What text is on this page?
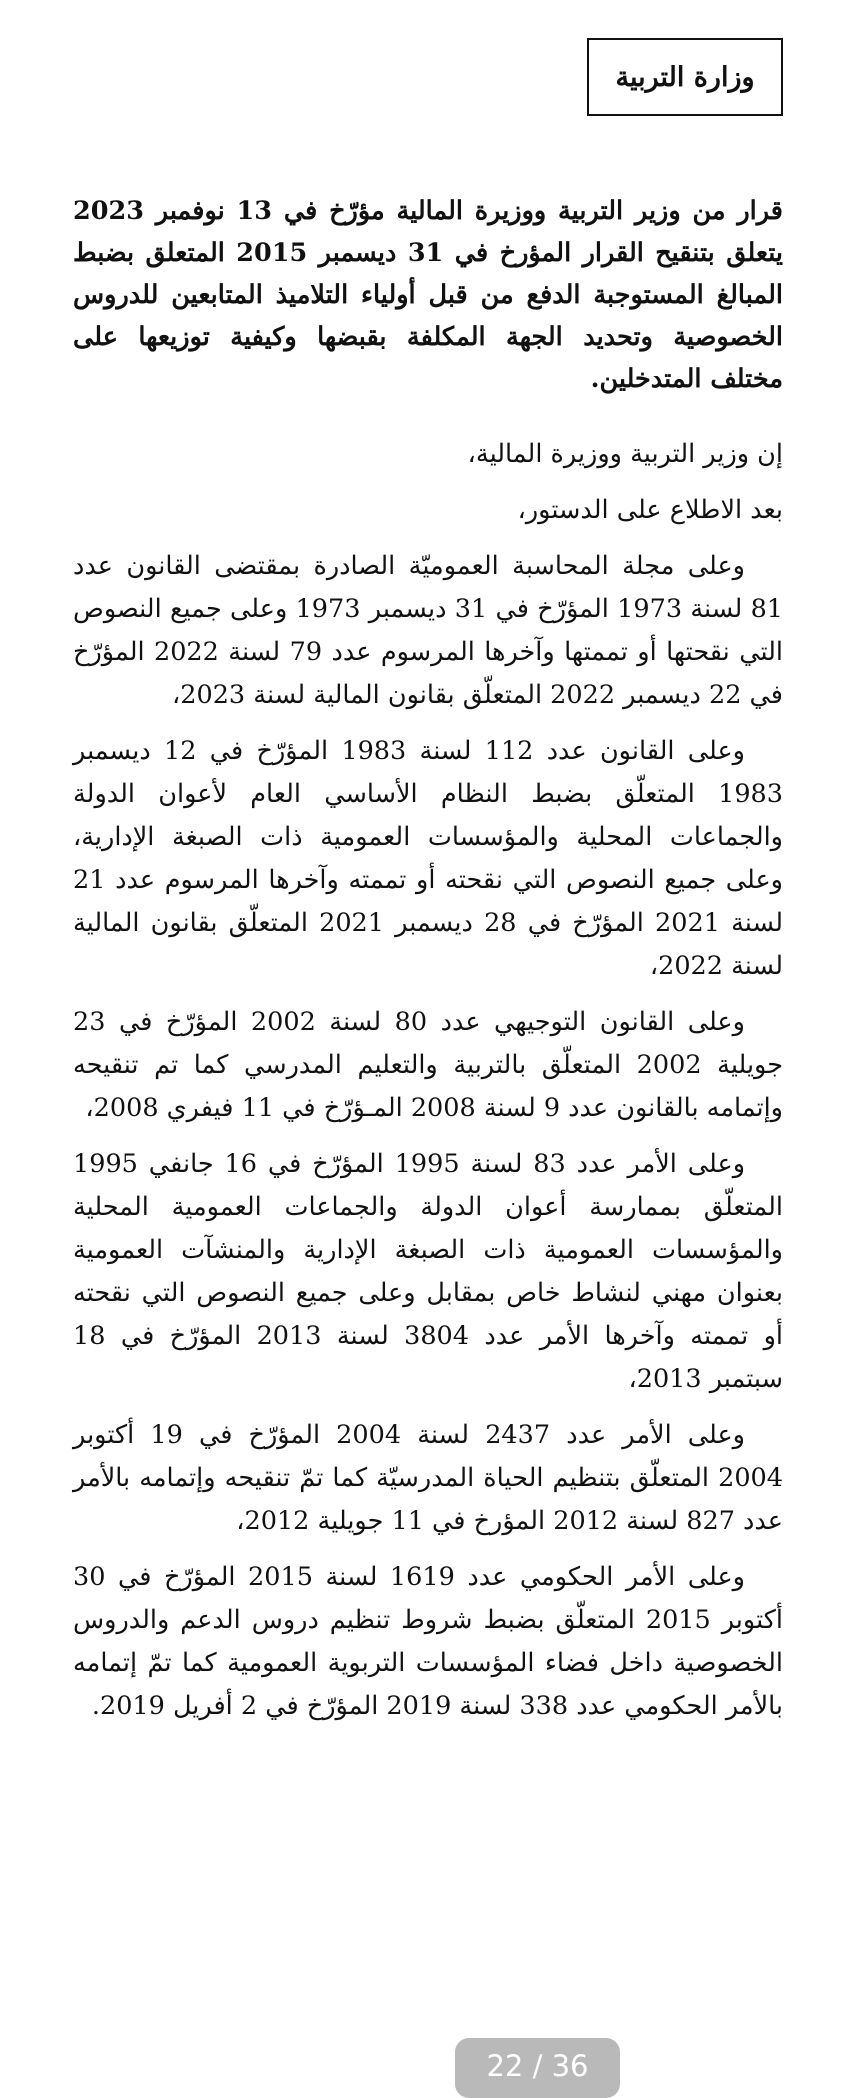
وزارة التربية

قرار من وزير التربية ووزيرة المالية مؤرّخ في 13 نوفمبر 2023 يتعلق بتنقيح القرار المؤرخ في 31 ديسمبر 2015 المتعلق بضبط المبالغ المستوجبة الدفع من قبل أولياء التلاميذ المتابعين للدروس الخصوصية وتحديد الجهة المكلفة بقبضها وكيفية توزيعها على مختلف المتدخلين.

إن وزير التربية ووزيرة المالية،

بعد الاطلاع على الدستور،

وعلى مجلة المحاسبة العموميّة الصادرة بمقتضى القانون عدد 81 لسنة 1973 المؤرّخ في 31 ديسمبر 1973 وعلى جميع النصوص التي نقحتها أو تممتها وآخرها المرسوم عدد 79 لسنة 2022 المؤرّخ في 22 ديسمبر 2022 المتعلّق بقانون المالية لسنة 2023،

وعلى القانون عدد 112 لسنة 1983 المؤرّخ في 12 ديسمبر 1983 المتعلّق بضبط النظام الأساسي العام لأعوان الدولة والجماعات المحلية والمؤسسات العمومية ذات الصبغة الإدارية، وعلى جميع النصوص التي نقحته أو تممته وآخرها المرسوم عدد 21 لسنة 2021 المؤرّخ في 28 ديسمبر 2021 المتعلّق بقانون المالية لسنة 2022،

وعلى القانون التوجيهي عدد 80 لسنة 2002 المؤرّخ في 23 جويلية 2002 المتعلّق بالتربية والتعليم المدرسي كما تم تنقيحه وإتمامه بالقانون عدد 9 لسنة 2008 المـؤرّخ في 11 فيفري 2008،

وعلى الأمر عدد 83 لسنة 1995 المؤرّخ في 16 جانفي 1995 المتعلّق بممارسة أعوان الدولة والجماعات العمومية المحلية والمؤسسات العمومية ذات الصبغة الإدارية والمنشآت العمومية بعنوان مهني لنشاط خاص بمقابل وعلى جميع النصوص التي نقحته أو تممته وآخرها الأمر عدد 3804 لسنة 2013 المؤرّخ في 18 سبتمبر 2013،

وعلى الأمر عدد 2437 لسنة 2004 المؤرّخ في 19 أكتوبر 2004 المتعلّق بتنظيم الحياة المدرسيّة كما تمّ تنقيحه وإتمامه بالأمر عدد 827 لسنة 2012 المؤرخ في 11 جويلية 2012،

وعلى الأمر الحكومي عدد 1619 لسنة 2015 المؤرّخ في 30 أكتوبر 2015 المتعلّق بضبط شروط تنظيم دروس الدعم والدروس الخصوصية داخل فضاء المؤسسات التربوية العمومية كما تمّ إتمامه بالأمر الحكومي عدد 338 لسنة 2019 المؤرّخ في 2 أفريل 2019.

22 / 36
